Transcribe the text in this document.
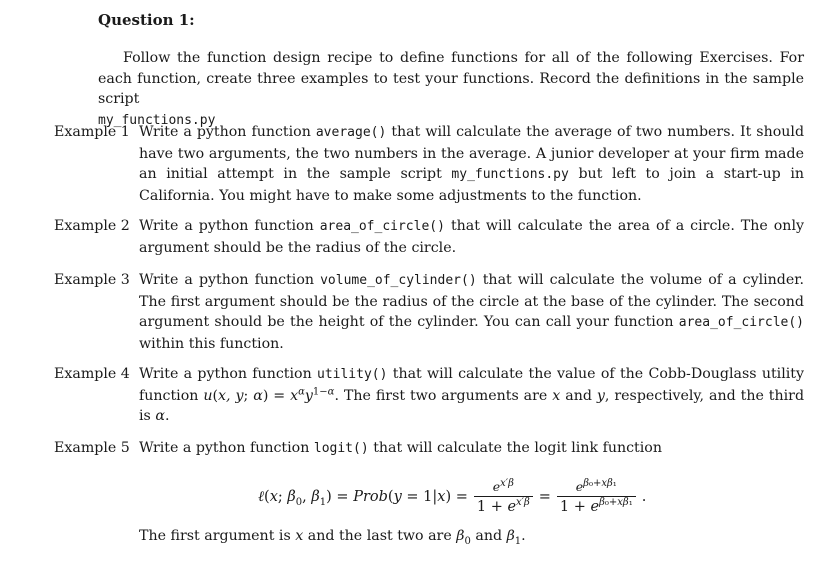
Question 1:
Follow the function design recipe to define functions for all of the following Exercises. For each function, create three examples to test your functions. Record the definitions in the sample script
my_functions.py
Example 1 Write a python function average() that will calculate the average of two numbers. It should have two arguments, the two numbers in the average. A junior developer at your firm made an initial attempt in the sample script my_functions.py but left to join a start-up in California. You might have to make some adjustments to the function.
Example 2 Write a python function area_of_circle() that will calculate the area of a circle. The only argument should be the radius of the circle.
Example 3 Write a python function volume_of_cylinder() that will calculate the volume of a cylinder. The first argument should be the radius of the circle at the base of the cylinder. The second argument should be the height of the cylinder. You can call your function area_of_circle() within this function.
Example 4 Write a python function utility() that will calculate the value of the Cobb-Douglass utility function u(x, y; $\alpha) = x^\alpha y^{1-\alpha}$. The first two arguments are x and y, respectively, and the third is α.
Example 5 Write a python function logit() that will calculate the logit link function
ℓ(x; $\beta_0$, $\beta_1$) = Prob(y = $1|x) = \frac{e^{x'\beta}}{1 + e^{x'\beta}} = \frac{e^{\beta_0+x\beta_1}}{1 + e^{\beta_0+x\beta_1}}$ .
The first argument is x and the last two are $\beta_0$ and $\beta_1$.
